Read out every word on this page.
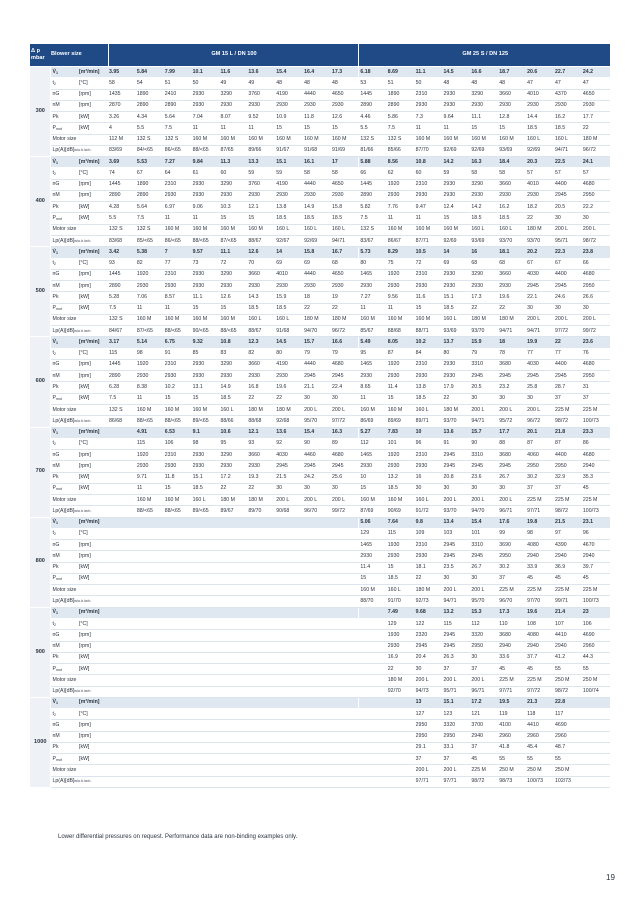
Δ p
mbar	Blower size		GM 15 L / DN 100									GM 25 S / DN 125								
300	V̇1	[m³/min]	3.95	5.84	7.99	10.1	11.6	13.6	15.4	16.4	17.3	6.18	8.69	11.1	14.5	16.6	18.7	20.6	22.7	24.2
	t2	[°C]	58	54	51	50	49	49	48	48	48	53	51	50	48	48	48	47	47	47
	nG	[rpm]	1435	1890	2410	2930	3290	3760	4190	4440	4650	1445	1890	2310	2930	3290	3660	4010	4370	4650
	nM	[rpm]	2870	2890	2890	2930	2930	2930	2930	2930	2930	2890	2890	2930	2930	2930	2930	2930	2930	2930
	Pk	[kW]	3.26	4.34	5.64	7.04	8.07	9.52	10.9	11.8	12.6	4.46	5.86	7.3	9.64	11.1	12.8	14.4	16.2	17.7
	Pmot	[kW]	4	5.5	7.5	11	11	11	15	15	15	5.5	7.5	11	11	15	15	18.5	18.5	22
	Motor size		112 M	132 S	132 S	160 M	160 M	160 M	160 M	160 M	160 M	132 S	132 S	160 M	160 M	160 M	160 M	160 L	160 L	180 M
	Lp(A)[dB]w/o.h./w.h.		83/69	84/<65	86/<65	88/<65	87/65	89/66	91/67	91/68	91/69	81/66	85/66	87/70	92/69	92/69	93/69	92/69	94/71	96/72
400	V̇1	[m³/min]	3.69	5.53	7.27	9.84	11.3	13.3	15.1	16.1	17	5.88	8.56	10.8	14.2	16.3	18.4	20.3	22.5	24.1
	t2	[°C]	74	67	64	61	60	59	59	58	58	66	62	60	59	58	58	57	57	57
	nG	[rpm]	1445	1890	2310	2930	3290	3760	4190	4440	4650	1445	1920	2310	2930	3290	3660	4010	4400	4680
	nM	[rpm]	2890	2890	2930	2930	2930	2930	2930	2930	2930	2890	2930	2930	2930	2930	2930	2930	2945	2950
	Pk	[kW]	4.28	5.64	6.97	9.06	10.3	12.1	13.8	14.9	15.8	5.82	7.76	9.47	12.4	14.2	16.2	18.2	20.5	22.2
	Pmot	[kW]	5.5	7.5	11	11	15	15	18.5	18.5	18.5	7.5	11	11	15	18.5	18.5	22	30	30
	Motor size		132 S	132 S	160 M	160 M	160 M	160 M	160 L	160 L	160 L	132 S	160 M	160 M	160 M	160 L	160 L	180 M	200 L	200 L
	Lp(A)[dB]w/o.h./w.h.		83/68	85/<65	86/<65	88/<65	87/<65	88/67	92/67	92/69	94/71	83/67	86/67	87/71	92/69	93/69	93/70	93/70	95/71	98/72
500	V̇1	[m³/min]	3.42	5.38	7	9.57	11.1	12.6	14	15.8	16.7	5.73	8.29	10.5	14	16	18.1	20.2	22.3	23.8
	t2	[°C]	93	82	77	73	72	70	69	69	68	80	75	72	69	68	68	67	67	66
	nG	[rpm]	1445	1920	2310	2930	3290	3660	4010	4440	4650	1465	1920	2310	2930	3290	3660	4030	4400	4680
	nM	[rpm]	2890	2930	2930	2930	2930	2930	2930	2930	2930	2930	2930	2930	2930	2930	2930	2945	2945	2950
	Pk	[kW]	5.28	7.06	8.57	11.1	12.6	14.3	15.9	18	19	7.27	9.56	11.6	15.1	17.3	19.6	22.1	24.6	26.6
	Pmot	[kW]	7.5	11	11	15	15	18.5	18.5	22	22	11	11	15	18.5	22	22	30	30	30
	Motor size		132 S	160 M	160 M	160 M	160 M	160 L	160 L	180 M	180 M	160 M	160 M	160 M	160 L	180 M	180 M	200 L	200 L	200 L
	Lp(A)[dB]w/o.h./w.h.		84/67	87/<65	88/<65	90/<65	88/<65	88/67	91/68	94/70	96/72	85/67	88/68	88/71	93/69	93/70	94/71	94/71	97/72	99/72
600	V̇1	[m³/min]	3.17	5.14	6.75	9.32	10.8	12.3	14.5	15.7	16.6	5.49	8.05	10.2	13.7	15.9	18	19.9	22	23.6
	t2	[°C]	115	98	91	85	83	82	80	79	79	95	87	84	80	79	78	77	77	76
	nG	[rpm]	1445	1920	2310	2930	3290	3660	4190	4440	4680	1465	1920	2310	2930	3310	3680	4030	4400	4680
	nM	[rpm]	2890	2930	2930	2930	2930	2930	2930	2945	2945	2930	2930	2930	2930	2945	2945	2945	2945	2950
	Pk	[kW]	6.28	8.38	10.2	13.1	14.9	16.8	19.6	21.1	22.4	8.65	11.4	13.8	17.9	20.5	23.2	25.8	28.7	31
	Pmot	[kW]	7.5	11	15	15	18.5	22	22	30	30	11	15	18.5	22	30	30	30	37	37
	Motor size		132 S	160 M	160 M	160 M	160 L	180 M	180 M	200 L	200 L	160 M	160 M	160 L	180 M	200 L	200 L	200 L	225 M	225 M
	Lp(A)[dB]w/o.h./w.h.		86/68	88/<65	88/<65	89/<65	88/66	88/68	92/68	95/70	97/72	86/69	89/69	89/71	93/70	94/71	95/72	96/72	98/72	100/73
700	V̇1	[m³/min]		4.91	6.53	9.1	10.6	12.1	13.6	15.4	16.3	5.27	7.83	10	13.6	15.7	17.7	20.1	21.8	23.3
	t2	[°C]		115	106	98	95	93	92	90	89	112	101	96	91	90	88	87	87	86
	nG	[rpm]		1920	2310	2930	3290	3660	4030	4460	4680	1465	1920	2310	2945	3310	3680	4060	4400	4680
	nM	[rpm]		2930	2930	2930	2930	2930	2945	2945	2945	2930	2930	2930	2945	2945	2945	2950	2950	2940
	Pk	[kW]		9.71	11.8	15.1	17.2	19.3	21.5	24.2	25.6	10	13.2	16	20.8	23.6	26.7	30.2	32.9	35.3
	Pmot	[kW]		11	15	18.5	22	22	30	30	30	15	18.5	30	30	30	30	37	37	45
	Motor size			160 M	160 M	160 L	180 M	180 M	200 L	200 L	200 L	160 M	160 M	160 L	200 L	200 L	200 L	225 M	225 M	225 M
	Lp(A)[dB]w/o.h./w.h.			88/<65	88/<65	89/<65	89/67	89/70	90/68	96/70	99/72	87/69	90/69	91/72	93/70	94/70	96/71	97/71	98/72	100/73
800	V̇1	[m³/min]										5.06	7.64	9.8	13.4	15.4	17.6	19.8	21.5	23.1
	t2	[°C]										129	115	109	103	101	99	98	97	96
	nG	[rpm]										1465	1930	2310	2945	3310	3690	4080	4390	4670
	nM	[rpm]										2930	2930	2930	2945	2945	2950	2940	2940	2940
	Pk	[kW]										11.4	15	18.1	23.5	26.7	30.2	33.9	36.9	39.7
	Pmot	[kW]										15	18.5	22	30	30	37	45	45	45
	Motor size											160 M	160 L	180 M	200 L	200 L	225 M	225 M	225 M	225 M
	Lp(A)[dB]w/o.h./w.h.											88/70	91/70	92/73	94/71	95/70	96/70	97/70	99/71	100/73
900	V̇1	[m³/min]											7.49	9.68	13.2	15.3	17.3	19.6	21.4	23
	t2	[°C]											129	122	115	112	110	108	107	106
	nG	[rpm]											1930	2320	2945	3320	3680	4080	4410	4690
	nM	[rpm]											2930	2945	2945	2950	2940	2940	2940	2960
	Pk	[kW]											16.9	20.4	26.3	30	33.6	37.7	41.2	44.3
	Pmot	[kW]											22	30	37	37	45	45	55	55
	Motor size												180 M	200 L	200 L	200 L	225 M	225 M	250 M	250 M
	Lp(A)[dB]w/o.h./w.h.												92/70	94/73	95/71	96/71	97/71	97/72	98/72	100/74
1000	V̇1	[m³/min]												13	15.1	17.2	19.5	21.3	22.8	
	t2	[°C]												127	123	121	119	118	117	
	nG	[rpm]												2950	3320	3700	4100	4410	4690	
	nM	[rpm]												2950	2950	2940	2960	2960	2960	
	Pk	[kW]												29.1	33.1	37	41.8	45.4	48.7	
	Pmot	[kW]												37	37	45	55	55	55	
	Motor size													200 L	200 L	225 M	250 M	250 M	250 M	
	Lp(A)[dB]w/o.h./w.h.													97/71	97/71	98/72	98/73	100/73	102/73	
Lower differential pressures on request. Performance data are non-binding examples only.
19
